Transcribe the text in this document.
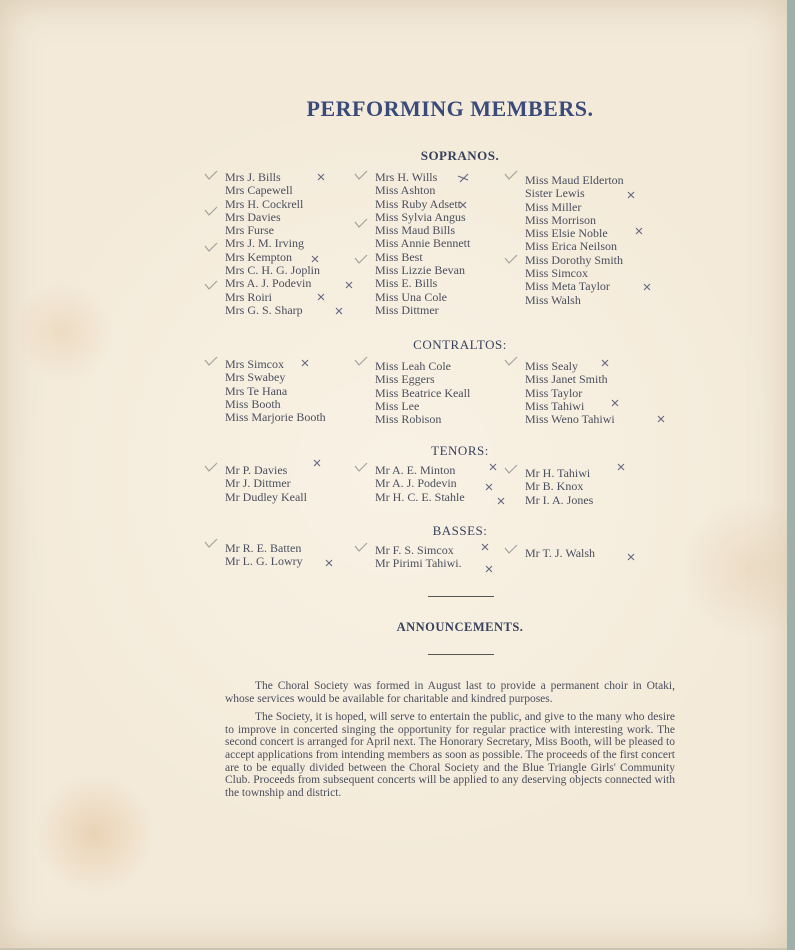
PERFORMING MEMBERS.
SOPRANOS.
Mrs J. Bills
Mrs Capewell
Mrs H. Cockrell
Mrs Davies
Mrs Furse
Mrs J. M. Irving
Mrs Kempton
Mrs C. H. G. Joplin
Mrs A. J. Podevin
Mrs Roiri
Mrs G. S. Sharp
Mrs H. Wills
Miss Ashton
Miss Ruby Adsett
Miss Sylvia Angus
Miss Maud Bills
Miss Annie Bennett
Miss Best
Miss Lizzie Bevan
Miss E. Bills
Miss Una Cole
Miss Dittmer
Miss Maud Elderton
Sister Lewis
Miss Miller
Miss Morrison
Miss Elsie Noble
Miss Erica Neilson
Miss Dorothy Smith
Miss Simcox
Miss Meta Taylor
Miss Walsh
CONTRALTOS:
Mrs Simcox
Mrs Swabey
Mrs Te Hana
Miss Booth
Miss Marjorie Booth
Miss Leah Cole
Miss Eggers
Miss Beatrice Keall
Miss Lee
Miss Robison
Miss Sealy
Miss Janet Smith
Miss Taylor
Miss Tahiwi
Miss Weno Tahiwi
TENORS:
Mr P. Davies
Mr J. Dittmer
Mr Dudley Keall
Mr A. E. Minton
Mr A. J. Podevin
Mr H. C. E. Stahle
Mr H. Tahiwi
Mr B. Knox
Mr I. A. Jones
BASSES:
Mr R. E. Batten
Mr L. G. Lowry
Mr F. S. Simcox
Mr Pirimi Tahiwi.
Mr T. J. Walsh
ANNOUNCEMENTS.

The Choral Society was formed in August last to provide a permanent choir in Otaki, whose services would be available for charitable and kindred purposes.

The Society, it is hoped, will serve to entertain the public, and give to the many who desire to improve in concerted singing the opportunity for regular practice with interesting work. The second concert is arranged for April next. The Honorary Secretary, Miss Booth, will be pleased to accept applications from intending members as soon as possible. The proceeds of the first concert are to be equally divided between the Choral Society and the Blue Triangle Girls' Community Club. Proceeds from subsequent concerts will be applied to any deserving objects connected with the township and district.
